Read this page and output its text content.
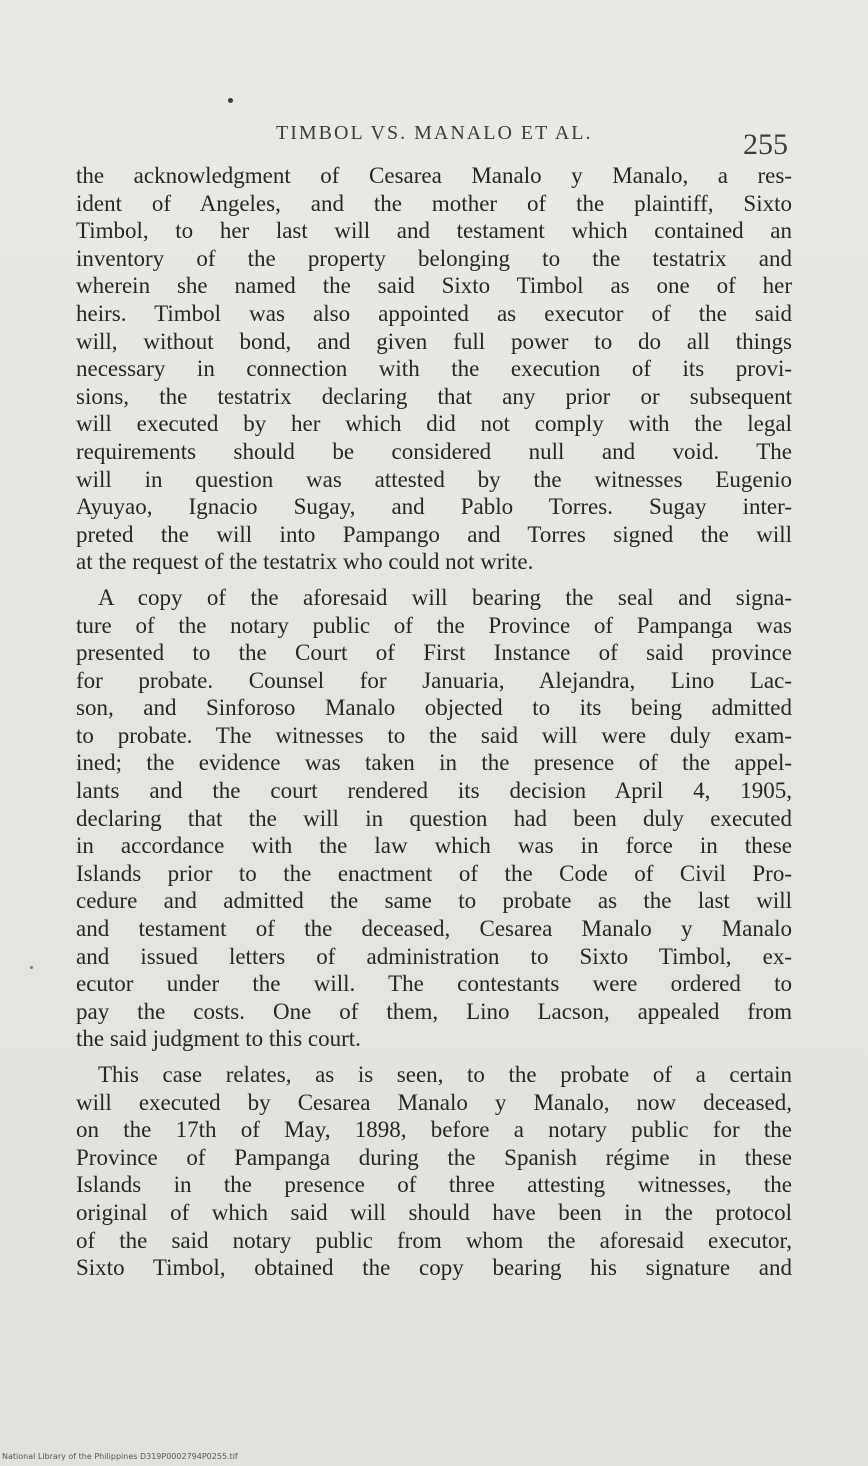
TIMBOL VS. MANALO ET AL.	255
the acknowledgment of Cesarea Manalo y Manalo, a res-
ident of Angeles, and the mother of the plaintiff, Sixto
Timbol, to her last will and testament which contained an
inventory of the property belonging to the testatrix and
wherein she named the said Sixto Timbol as one of her
heirs. Timbol was also appointed as executor of the said
will, without bond, and given full power to do all things
necessary in connection with the execution of its provi-
sions, the testatrix declaring that any prior or subsequent
will executed by her which did not comply with the legal
requirements should be considered null and void. The
will in question was attested by the witnesses Eugenio
Ayuyao, Ignacio Sugay, and Pablo Torres. Sugay inter-
preted the will into Pampango and Torres signed the will
at the request of the testatrix who could not write.
A copy of the aforesaid will bearing the seal and signa-
ture of the notary public of the Province of Pampanga was
presented to the Court of First Instance of said province
for probate. Counsel for Januaria, Alejandra, Lino Lac-
son, and Sinforoso Manalo objected to its being admitted
to probate. The witnesses to the said will were duly exam-
ined; the evidence was taken in the presence of the appel-
lants and the court rendered its decision April 4, 1905,
declaring that the will in question had been duly executed
in accordance with the law which was in force in these
Islands prior to the enactment of the Code of Civil Pro-
cedure and admitted the same to probate as the last will
and testament of the deceased, Cesarea Manalo y Manalo
and issued letters of administration to Sixto Timbol, ex-
ecutor under the will. The contestants were ordered to
pay the costs. One of them, Lino Lacson, appealed from
the said judgment to this court.
This case relates, as is seen, to the probate of a certain
will executed by Cesarea Manalo y Manalo, now deceased,
on the 17th of May, 1898, before a notary public for the
Province of Pampanga during the Spanish régime in these
Islands in the presence of three attesting witnesses, the
original of which said will should have been in the protocol
of the said notary public from whom the aforesaid executor,
Sixto Timbol, obtained the copy bearing his signature and
National Library of the Philippines D319P0002794P0255.tif
